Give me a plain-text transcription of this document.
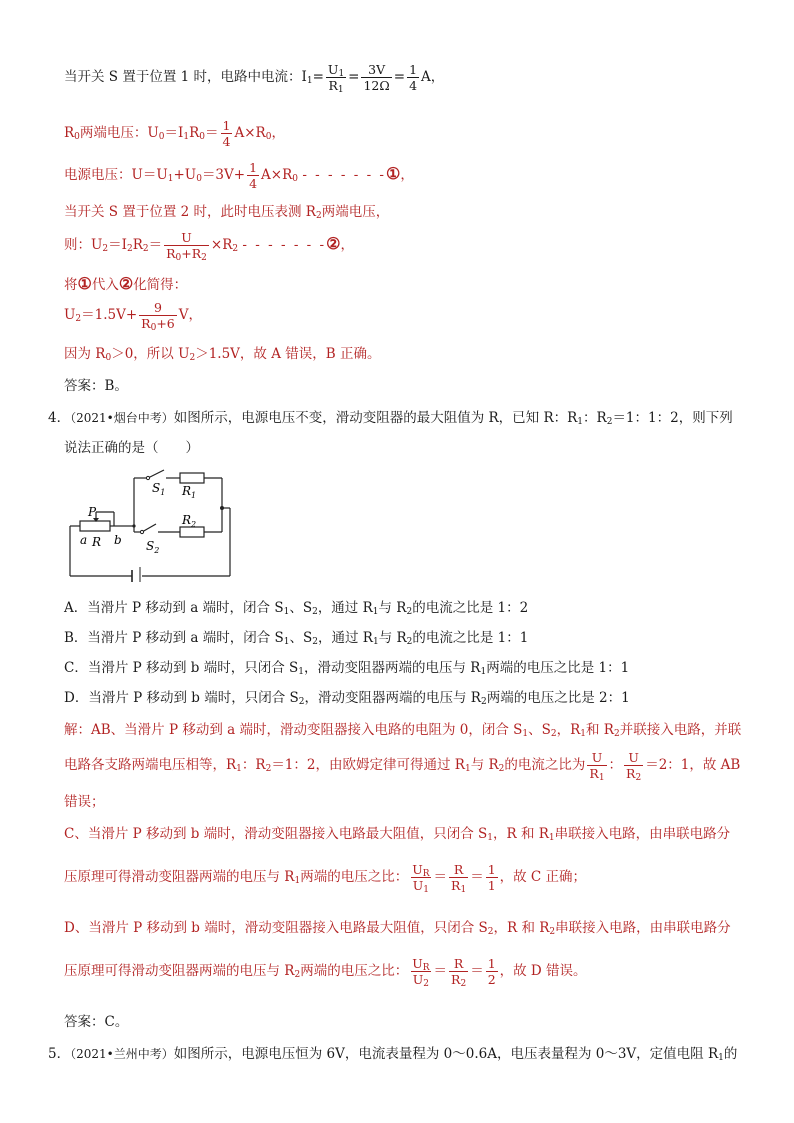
当开关 S 置于位置 1 时，电路中电流：$I_1= \frac{U_1}{R_1} = \frac{3V}{12\Omega} = \frac{1}{4}$ A，
$R_0$两端电压：$U_0=I_1R_0= \frac{1}{4} A\times R_0$，
电源电压：$U=U_1+U_0=3V+ \frac{1}{4} A\times R_0$ - - - - - - -①，
当开关 S 置于位置 2 时，此时电压表测 $R_2$两端电压，
则：$U_2=I_2R_2= \frac{U}{R_0+R_2} \times R_2$ - - - - - - -②，
将①代入②化简得：
$U_2=1.5V+ \frac{9}{R_0+6}$ V，
因为 $R_0>0$，所以 $U_2>1.5V$，故 A 错误，B 正确。
答案：B。
4．（2021•烟台中考）如图所示，电源电压不变，滑动变阻器的最大阻值为 R，已知 R：$R_1$：$R_2=1$：1：2，则下列
说法正确的是（　　）
$S_1$ $R_1$
P
$R_2$
a R b $S_2$
A．当滑片 P 移动到 a 端时，闭合 $S_1$、$S_2$，通过 $R_1$与 $R_2$的电流之比是 1：2
B．当滑片 P 移动到 a 端时，闭合 $S_1$、$S_2$，通过 $R_1$与 $R_2$的电流之比是 1：1
C．当滑片 P 移动到 b 端时，只闭合 $S_1$，滑动变阻器两端的电压与 $R_1$两端的电压之比是 1：1
D．当滑片 P 移动到 b 端时，只闭合 $S_2$，滑动变阻器两端的电压与 $R_2$两端的电压之比是 2：1
解：AB、当滑片 P 移动到 a 端时，滑动变阻器接入电路的电阻为 0，闭合 $S_1$、$S_2$，$R_1$和 $R_2$并联接入电路，并联
电路各支路两端电压相等，$R_1$：$R_2=1$：2，由欧姆定律可得通过 $R_1$与 $R_2$的电流之比为 $\frac{U}{R_1}$ ： $\frac{U}{R_2} =2$：1，故 AB
错误；
C、当滑片 P 移动到 b 端时，滑动变阻器接入电路最大阻值，只闭合 $S_1$，R 和 $R_1$串联接入电路，由串联电路分
压原理可得滑动变阻器两端的电压与 $R_1$两端的电压之比： $\frac{U_R}{U_1} = \frac{R}{R_1} = \frac{1}{1}$ ，故 C 正确；
D、当滑片 P 移动到 b 端时，滑动变阻器接入电路最大阻值，只闭合 $S_2$，R 和 $R_2$串联接入电路，由串联电路分
压原理可得滑动变阻器两端的电压与 $R_2$两端的电压之比： $\frac{U_R}{U_2} = \frac{R}{R_2} = \frac{1}{2}$ ，故 D 错误。
答案：C。
5．（2021•兰州中考）如图所示，电源电压恒为 6V，电流表量程为 0～0.6A，电压表量程为 0～3V，定值电阻 $R_1$的
